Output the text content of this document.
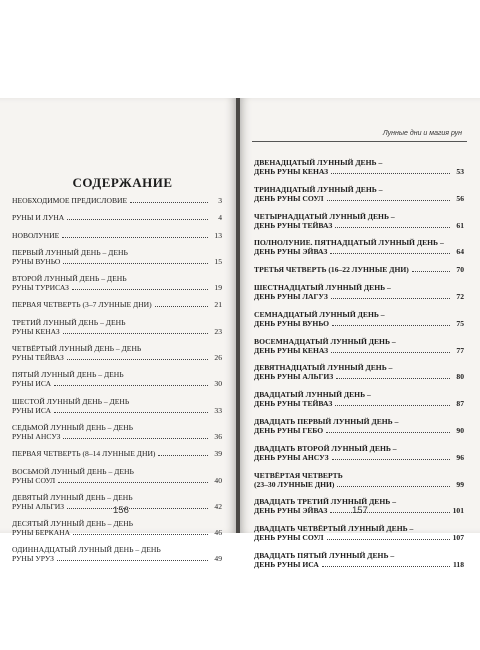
Лунные дни и магия рун
СОДЕРЖАНИЕ
НЕОБХОДИМОЕ ПРЕДИСЛОВИЕ	3
РУНЫ И ЛУНА	4
НОВОЛУНИЕ	13
ПЕРВЫЙ ЛУННЫЙ ДЕНЬ – ДЕНЬ
РУНЫ ВУНЬО	15
ВТОРОЙ ЛУННЫЙ ДЕНЬ – ДЕНЬ
РУНЫ ТУРИСАЗ	19
ПЕРВАЯ ЧЕТВЕРТЬ (3–7 ЛУННЫЕ ДНИ)	21
ТРЕТИЙ ЛУННЫЙ ДЕНЬ – ДЕНЬ
РУНЫ КЕНАЗ	23
ЧЕТВЁРТЫЙ ЛУННЫЙ ДЕНЬ – ДЕНЬ
РУНЫ ТЕЙВАЗ	26
ПЯТЫЙ ЛУННЫЙ ДЕНЬ – ДЕНЬ
РУНЫ ИСА	30
ШЕСТОЙ ЛУННЫЙ ДЕНЬ – ДЕНЬ
РУНЫ ИСА	33
СЕДЬМОЙ ЛУННЫЙ ДЕНЬ – ДЕНЬ
РУНЫ АНСУЗ	36
ПЕРВАЯ ЧЕТВЕРТЬ (8–14 ЛУННЫЕ ДНИ)	39
ВОСЬМОЙ ЛУННЫЙ ДЕНЬ – ДЕНЬ
РУНЫ СОУЛ	40
ДЕВЯТЫЙ ЛУННЫЙ ДЕНЬ – ДЕНЬ
РУНЫ АЛЬГИЗ	42
ДЕСЯТЫЙ ЛУННЫЙ ДЕНЬ – ДЕНЬ
РУНЫ БЕРКАНА	46
ОДИННАДЦАТЫЙ ЛУННЫЙ ДЕНЬ – ДЕНЬ
РУНЫ УРУЗ	49
ДВЕНАДЦАТЫЙ ЛУННЫЙ ДЕНЬ –
ДЕНЬ РУНЫ КЕНАЗ	53
ТРИНАДЦАТЫЙ ЛУННЫЙ ДЕНЬ –
ДЕНЬ РУНЫ СОУЛ	56
ЧЕТЫРНАДЦАТЫЙ ЛУННЫЙ ДЕНЬ –
ДЕНЬ РУНЫ ТЕЙВАЗ	61
ПОЛНОЛУНИЕ. ПЯТНАДЦАТЫЙ ЛУННЫЙ ДЕНЬ –
ДЕНЬ РУНЫ ЭЙВАЗ	64
ТРЕТЬЯ ЧЕТВЕРТЬ (16–22 ЛУННЫЕ ДНИ)	70
ШЕСТНАДЦАТЫЙ ЛУННЫЙ ДЕНЬ –
ДЕНЬ РУНЫ ЛАГУЗ	72
СЕМНАДЦАТЫЙ ЛУННЫЙ ДЕНЬ –
ДЕНЬ РУНЫ ВУНЬО	75
ВОСЕМНАДЦАТЫЙ ЛУННЫЙ ДЕНЬ –
ДЕНЬ РУНЫ КЕНАЗ	77
ДЕВЯТНАДЦАТЫЙ ЛУННЫЙ ДЕНЬ –
ДЕНЬ РУНЫ АЛЬГИЗ	80
ДВАДЦАТЫЙ ЛУННЫЙ ДЕНЬ –
ДЕНЬ РУНЫ ТЕЙВАЗ	87
ДВАДЦАТЬ ПЕРВЫЙ ЛУННЫЙ ДЕНЬ –
ДЕНЬ РУНЫ ГЕБО	90
ДВАДЦАТЬ ВТОРОЙ ЛУННЫЙ ДЕНЬ –
ДЕНЬ РУНЫ АНСУЗ	96
ЧЕТВЁРТАЯ ЧЕТВЕРТЬ
(23–30 ЛУННЫЕ ДНИ)	99
ДВАДЦАТЬ ТРЕТИЙ ЛУННЫЙ ДЕНЬ –
ДЕНЬ РУНЫ ЭЙВАЗ	101
ДВАДЦАТЬ ЧЕТВЁРТЫЙ ЛУННЫЙ ДЕНЬ –
ДЕНЬ РУНЫ СОУЛ	107
ДВАДЦАТЬ ПЯТЫЙ ЛУННЫЙ ДЕНЬ –
ДЕНЬ РУНЫ ИСА	118
156	157
